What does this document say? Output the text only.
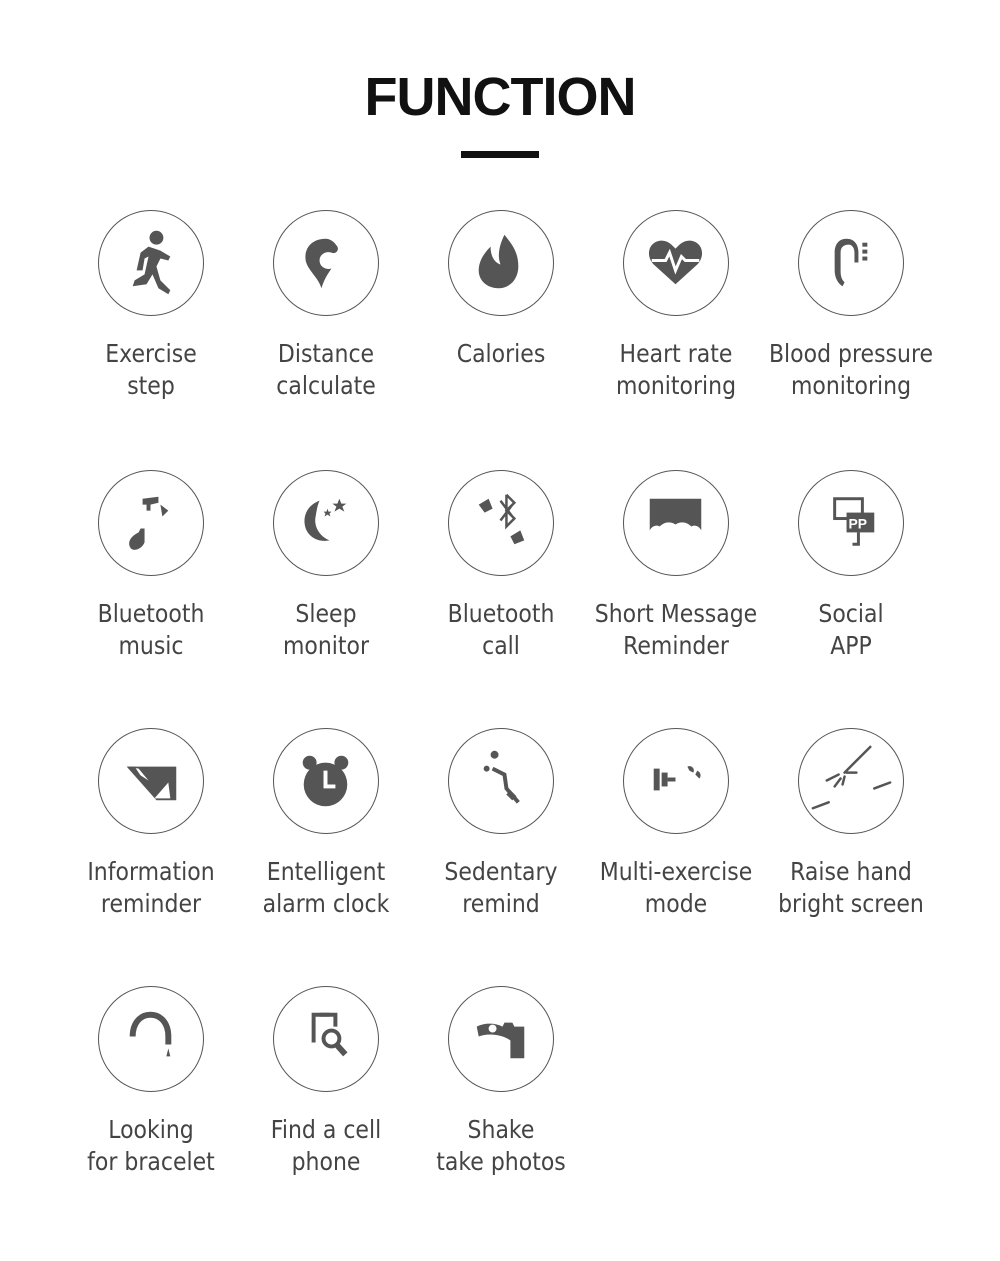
FUNCTION
Exercise
step
Distance
calculate
Calories	Heart rate
monitoring
Blood pressure
monitoring
Bluetooth
music
Sleep
monitor
Bluetooth
call
Short Message
Reminder
PP
Social
APP
Information
reminder
Entelligent
alarm clock
Sedentary
remind
Multi-exercise
mode
Raise hand
bright screen
Looking
for bracelet
Find a cell
phone
Shake
take photos
